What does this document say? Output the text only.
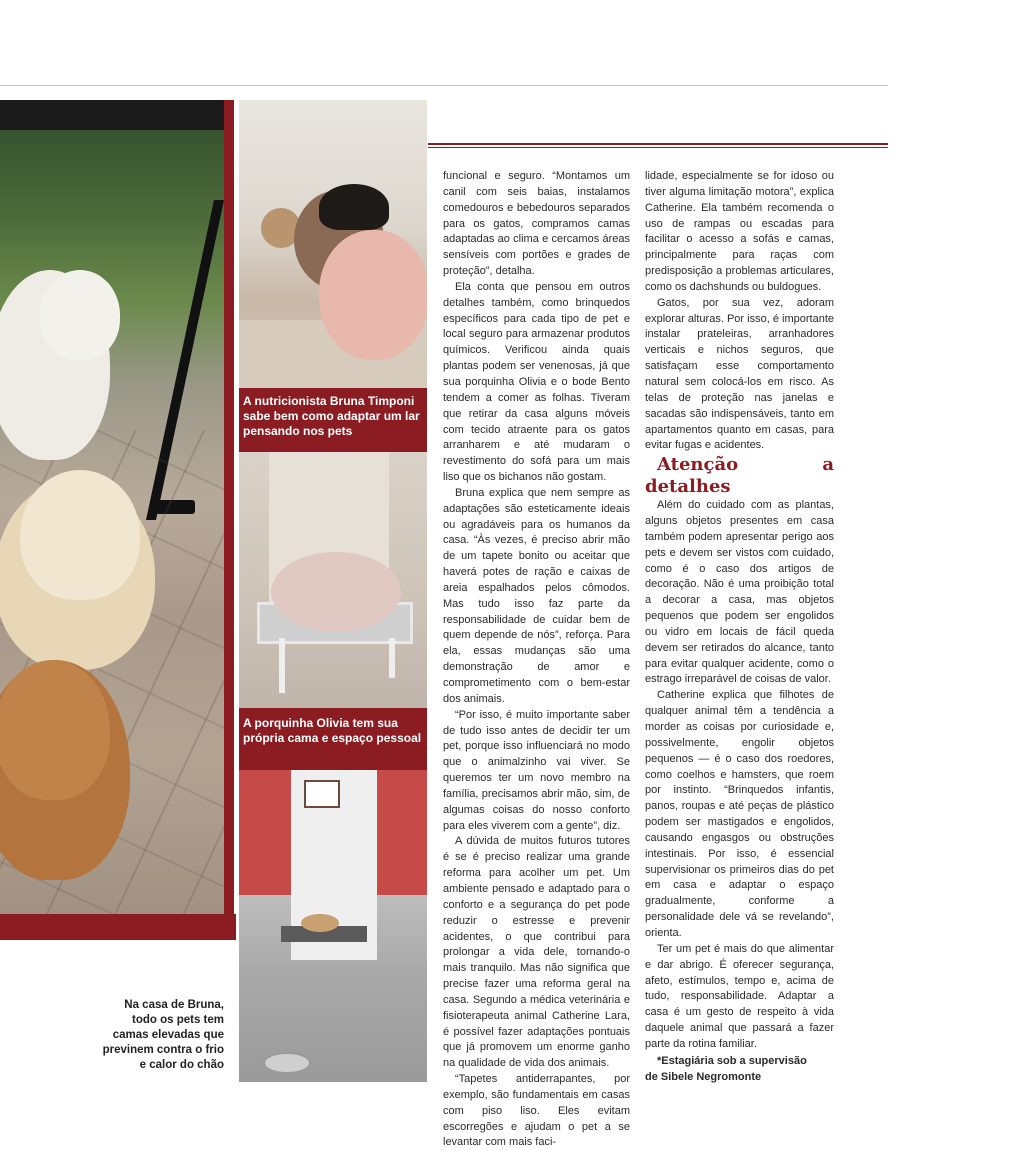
Na casa de Bruna, todo os pets tem camas elevadas que previnem contra o frio e calor do chão
A nutricionista Bruna Timponi sabe bem como adaptar um lar pensando nos pets
A porquinha Olivia tem sua própria cama e espaço pessoal

funcional e seguro. “Montamos um canil com seis baias, instalamos comedouros e bebedouros separados para os gatos, compramos camas adaptadas ao clima e cercamos áreas sensíveis com portões e grades de proteção”, detalha.

Ela conta que pensou em outros detalhes também, como brinquedos específicos para cada tipo de pet e local seguro para armazenar produtos químicos. Verificou ainda quais plantas podem ser venenosas, já que sua porquinha Olivia e o bode Bento tendem a comer as folhas. Tiveram que retirar da casa alguns móveis com tecido atraente para os gatos arranharem e até mudaram o revestimento do sofá para um mais liso que os bichanos não gostam.

Bruna explica que nem sempre as adaptações são esteticamente ideais ou agradáveis para os humanos da casa. “Às vezes, é preciso abrir mão de um tapete bonito ou aceitar que haverá potes de ração e caixas de areia espalhados pelos cômodos. Mas tudo isso faz parte da responsabilidade de cuidar bem de quem depende de nós”, reforça. Para ela, essas mudanças são uma demonstração de amor e comprometimento com o bem-estar dos animais.

“Por isso, é muito importante saber de tudo isso antes de decidir ter um pet, porque isso influenciará no modo que o animalzinho vai viver. Se queremos ter um novo membro na família, precisamos abrir mão, sim, de algumas coisas do nosso conforto para eles viverem com a gente”, diz.

A dúvida de muitos futuros tutores é se é preciso realizar uma grande reforma para acolher um pet. Um ambiente pensado e adaptado para o conforto e a segurança do pet pode reduzir o estresse e prevenir acidentes, o que contribui para prolongar a vida dele, tornando-o mais tranquilo. Mas não significa que precise fazer uma reforma geral na casa. Segundo a médica veterinária e fisioterapeuta animal Catherine Lara, é possível fazer adaptações pontuais que já promovem um enorme ganho na qualidade de vida dos animais.

“Tapetes antiderrapantes, por exemplo, são fundamentais em casas com piso liso. Eles evitam escorregões e ajudam o pet a se levantar com mais faci-

lidade, especialmente se for idoso ou tiver alguma limitação motora”, explica Catherine. Ela também recomenda o uso de rampas ou escadas para facilitar o acesso a sofás e camas, principalmente para raças com predisposição a problemas articulares, como os dachshunds ou buldogues.

Gatos, por sua vez, adoram explorar alturas. Por isso, é importante instalar prateleiras, arranhadores verticais e nichos seguros, que satisfaçam esse comportamento natural sem colocá-los em risco. As telas de proteção nas janelas e sacadas são indispensáveis, tanto em apartamentos quanto em casas, para evitar fugas e acidentes.

Atenção a detalhes

Além do cuidado com as plantas, alguns objetos presentes em casa também podem apresentar perigo aos pets e devem ser vistos com cuidado, como é o caso dos artigos de decoração. Não é uma proibição total a decorar a casa, mas objetos pequenos que podem ser engolidos ou vidro em locais de fácil queda devem ser retirados do alcance, tanto para evitar qualquer acidente, como o estrago irreparável de coisas de valor.

Catherine explica que filhotes de qualquer animal têm a tendência a morder as coisas por curiosidade e, possivelmente, engolir objetos pequenos — é o caso dos roedores, como coelhos e hamsters, que roem por instinto. “Brinquedos infantis, panos, roupas e até peças de plástico podem ser mastigados e engolidos, causando engasgos ou obstruções intestinais. Por isso, é essencial supervisionar os primeiros dias do pet em casa e adaptar o espaço gradualmente, conforme a personalidade dele vá se revelando”, orienta.

Ter um pet é mais do que alimentar e dar abrigo. É oferecer segurança, afeto, estímulos, tempo e, acima de tudo, responsabilidade. Adaptar a casa é um gesto de respeito à vida daquele animal que passará a fazer parte da rotina familiar.

*Estagiária sob a supervisão
de Sibele Negromonte
